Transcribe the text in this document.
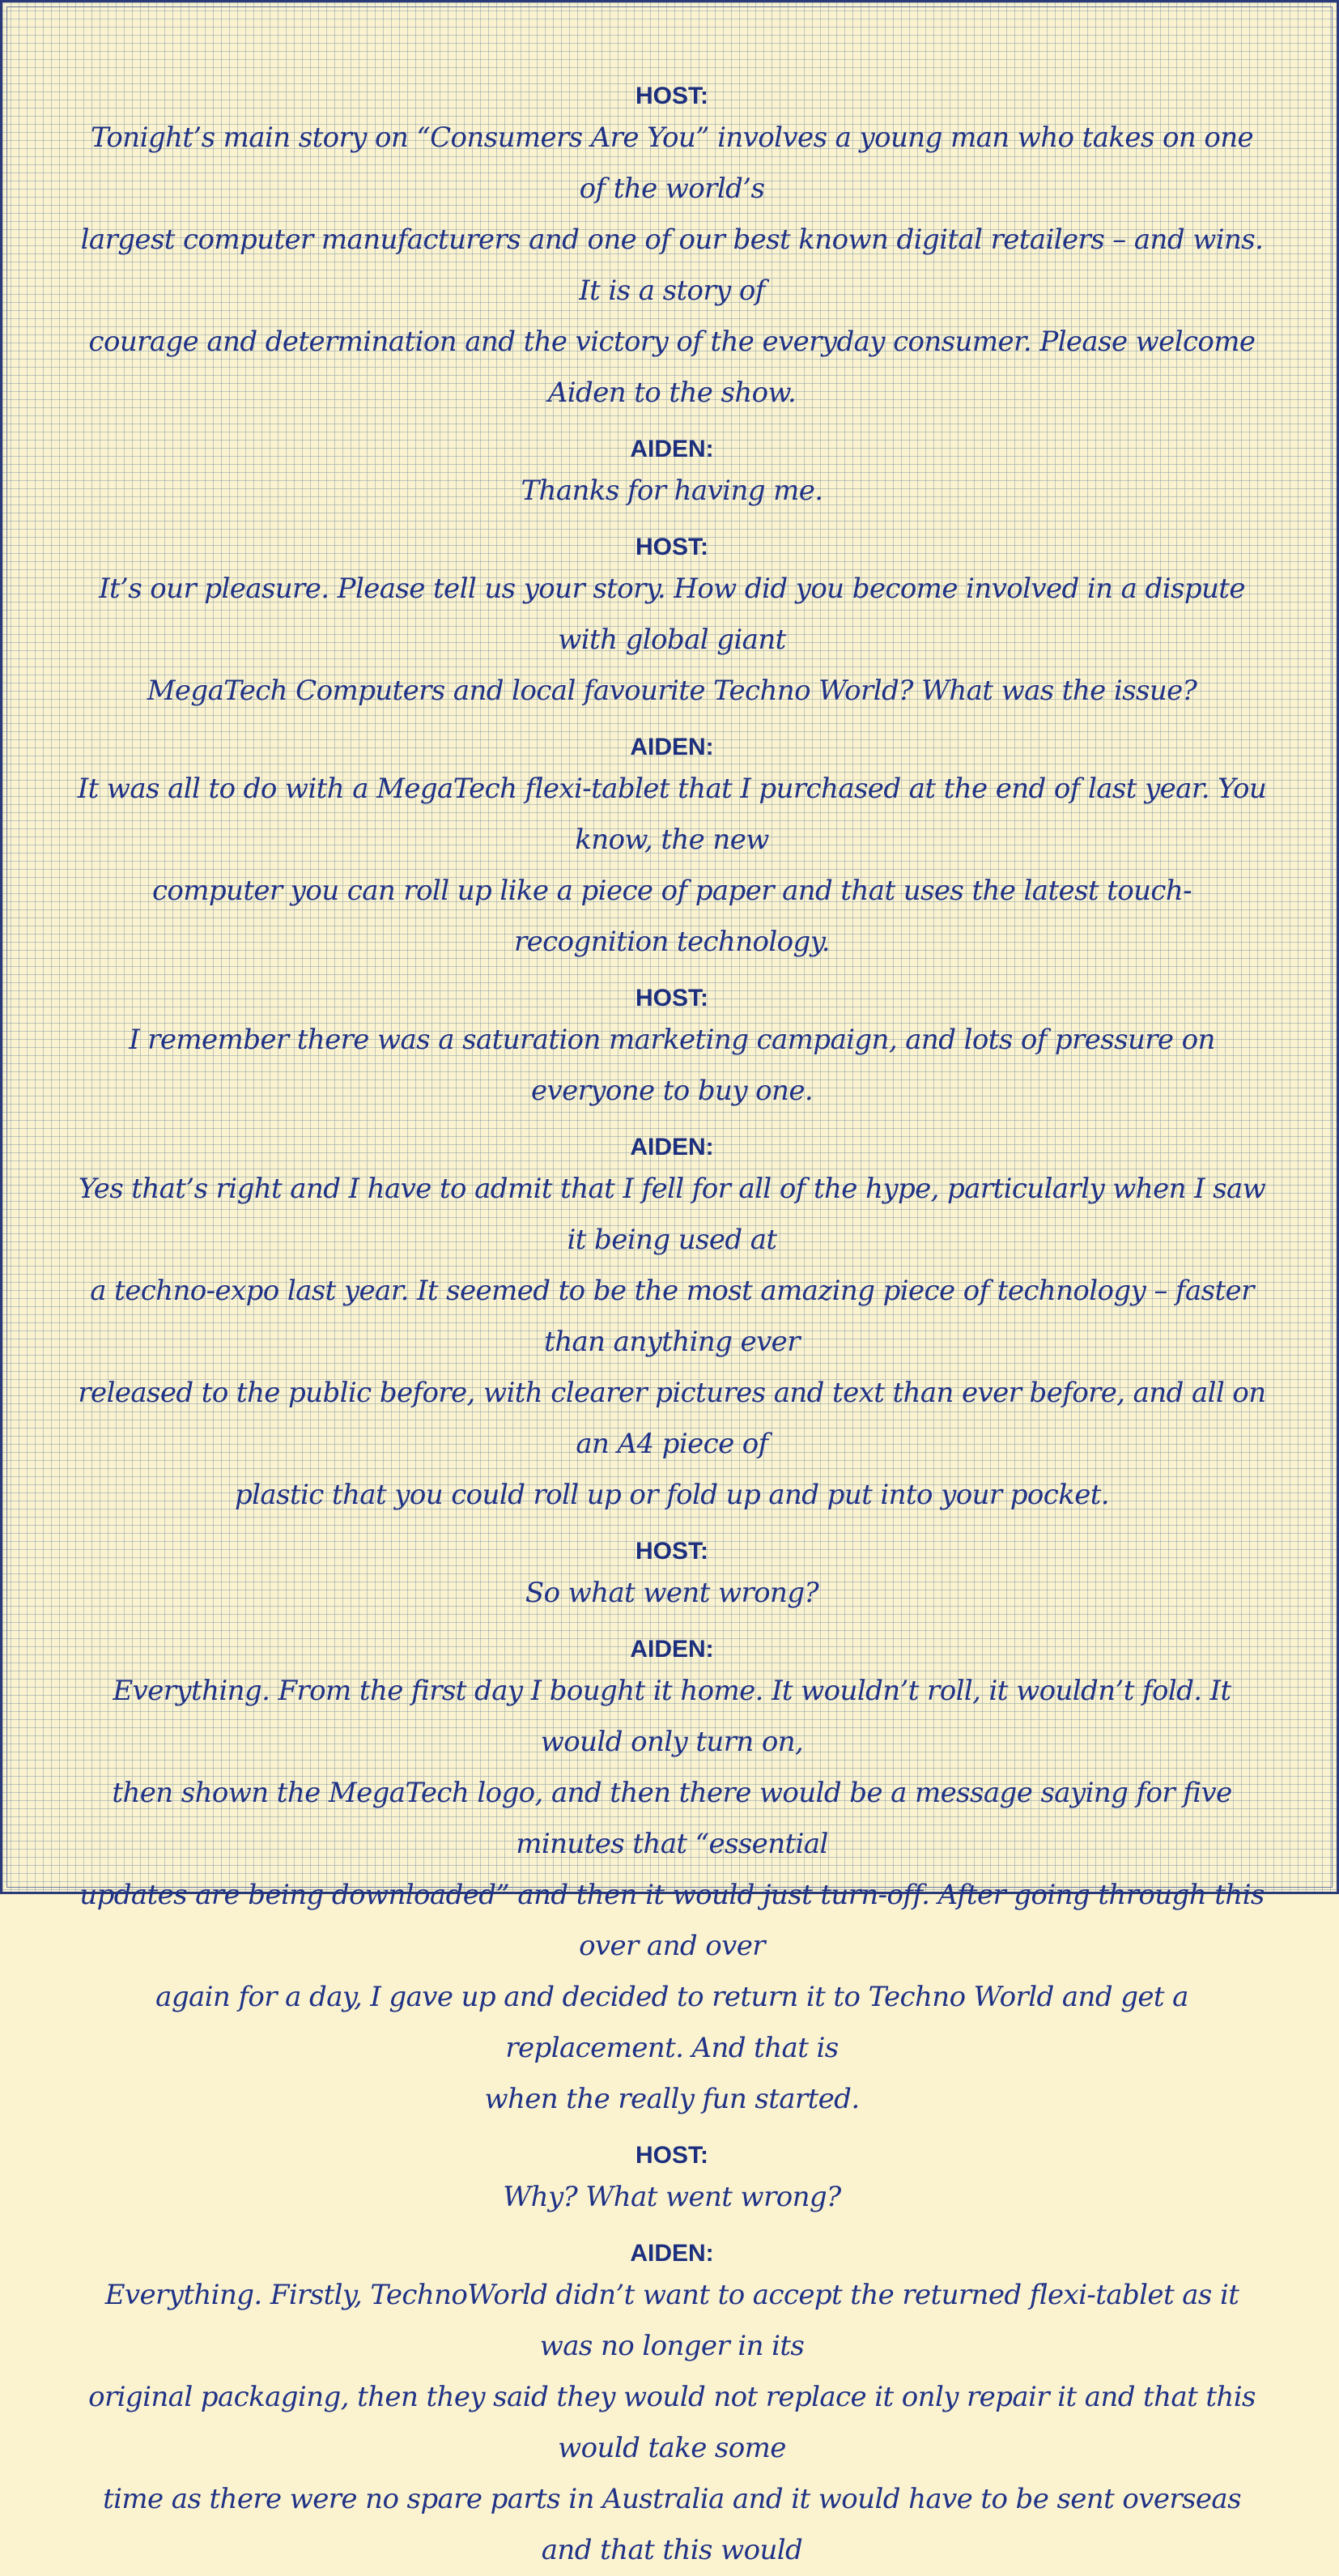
HOST:

Tonight’s main story on “Consumers Are You” involves a young man who takes on one of the world’s

largest computer manufacturers and one of our best known digital retailers – and wins. It is a story of

courage and determination and the victory of the everyday consumer. Please welcome Aiden to the show.

AIDEN:

Thanks for having me.

HOST:

It’s our pleasure. Please tell us your story. How did you become involved in a dispute with global giant

MegaTech Computers and local favourite Techno World? What was the issue?

AIDEN:

It was all to do with a MegaTech flexi-tablet that I purchased at the end of last year. You know, the new

computer you can roll up like a piece of paper and that uses the latest touch-recognition technology.

HOST:

I remember there was a saturation marketing campaign, and lots of pressure on everyone to buy one.

AIDEN:

Yes that’s right and I have to admit that I fell for all of the hype, particularly when I saw it being used at

a techno-expo last year. It seemed to be the most amazing piece of technology – faster than anything ever

released to the public before, with clearer pictures and text than ever before, and all on an A4 piece of

plastic that you could roll up or fold up and put into your pocket.

HOST:

So what went wrong?

AIDEN:

Everything. From the first day I bought it home. It wouldn’t roll, it wouldn’t fold. It would only turn on,

then shown the MegaTech logo, and then there would be a message saying for five minutes that “essential

updates are being downloaded” and then it would just turn-off. After going through this over and over

again for a day, I gave up and decided to return it to Techno World and get a replacement. And that is

when the really fun started.

HOST:

Why? What went wrong?

AIDEN:

Everything. Firstly, TechnoWorld didn’t want to accept the returned flexi-tablet as it was no longer in its

original packaging, then they said they would not replace it only repair it and that this would take some

time as there were no spare parts in Australia and it would have to be sent overseas and that this would
